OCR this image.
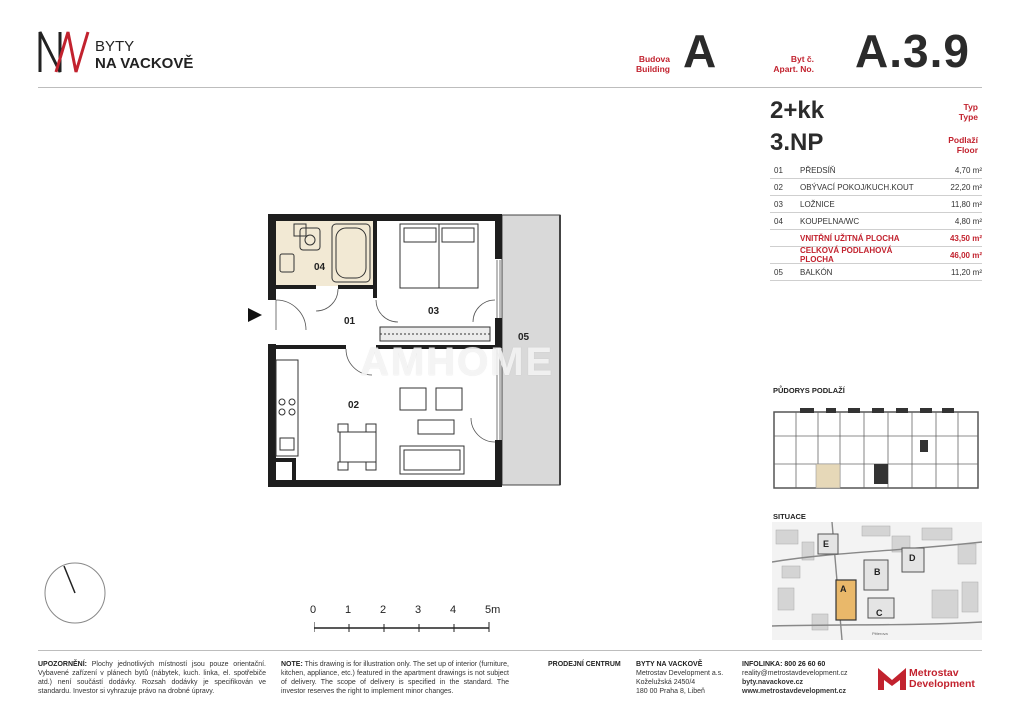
BYTY
NA VACKOVĚ	Budova
Building A	Byt č.
Apart. No. A.3.9
2+kk	Typ
Type
3.NP	Podlaží
Floor
01	PŘEDSÍŇ	4,70 m²
02	OBÝVACÍ POKOJ/KUCH.KOUT	22,20 m²
03	LOŽNICE	11,80 m²
04	KOUPELNA/WC	4,80 m²
VNITŘNÍ UŽITNÁ PLOCHA	43,50 m²
CELKOVÁ PODLAHOVÁ PLOCHA	46,00 m²
05	BALKÓN	11,20 m²
04
01
03
02
05
AMHOME
0	1	2	3	4	5m
PŮDORYS PODLAŽÍ
SITUACE
A
B
C
D
E
Pitterova
UPOZORNĚNÍ: Plochy jednotlivých místností jsou pouze orientační. Vybavené zařízení v plánech bytů (nábytek, kuch. linka, el. spotřebiče atd.) není součástí dodávky. Rozsah dodávky je specifikován ve standardu. Investor si vyhrazuje právo na drobné úpravy.
NOTE: This drawing is for illustration only. The set up of interior (furniture, kitchen, appliance, etc.) featured in the apartment drawings is not subject of delivery. The scope of delivery is specified in the standard. The investor reserves the right to implement minor changes.
PRODEJNÍ CENTRUM BYTY NA VACKOVĚ
Metrostav Development a.s.
Koželužská 2450/4
180 00 Praha 8, Libeň
INFOLINKA: 800 26 60 60
reality@metrostavdevelopment.cz
byty.navackove.cz
www.metrostavdevelopment.cz
Metrostav
Development
